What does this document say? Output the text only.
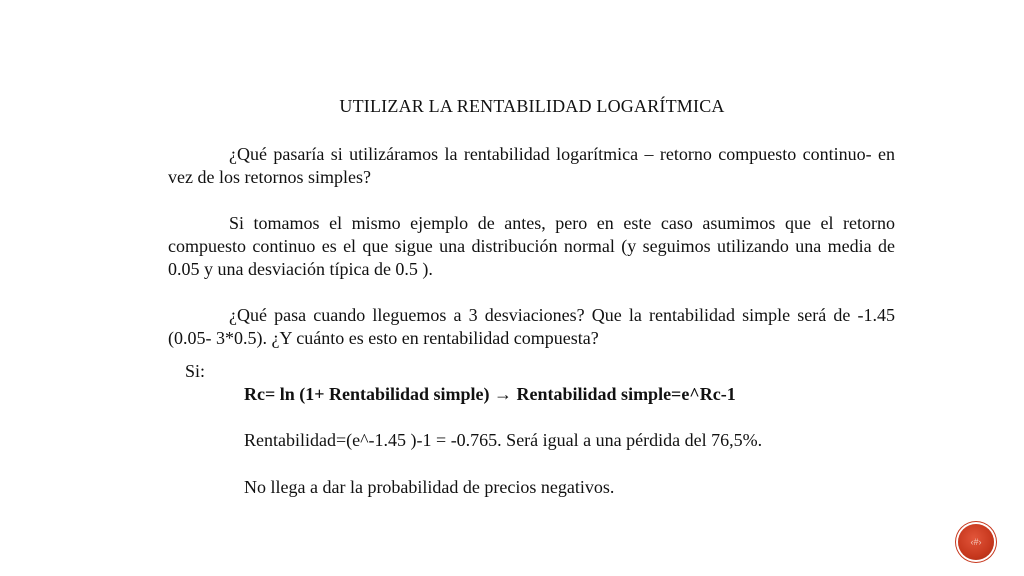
UTILIZAR LA RENTABILIDAD LOGARÍTMICA
¿Qué pasaría si utilizáramos la rentabilidad logarítmica – retorno compuesto continuo- en vez de los retornos simples?
Si tomamos el mismo ejemplo de antes, pero en este caso asumimos que el retorno compuesto continuo es el que sigue una distribución normal (y seguimos utilizando una media de 0.05 y una desviación típica de 0.5 ).
¿Qué pasa cuando lleguemos a 3 desviaciones? Que la rentabilidad simple será de -1.45 (0.05- 3*0.5). ¿Y cuánto es esto en rentabilidad compuesta?
Si:
Rc= ln (1+ Rentabilidad simple) → Rentabilidad simple=e^Rc-1
Rentabilidad=(e^-1.45 )-1 = -0.765. Será igual a una pérdida del 76,5%.
No llega a dar la probabilidad de precios negativos.
‹#›
